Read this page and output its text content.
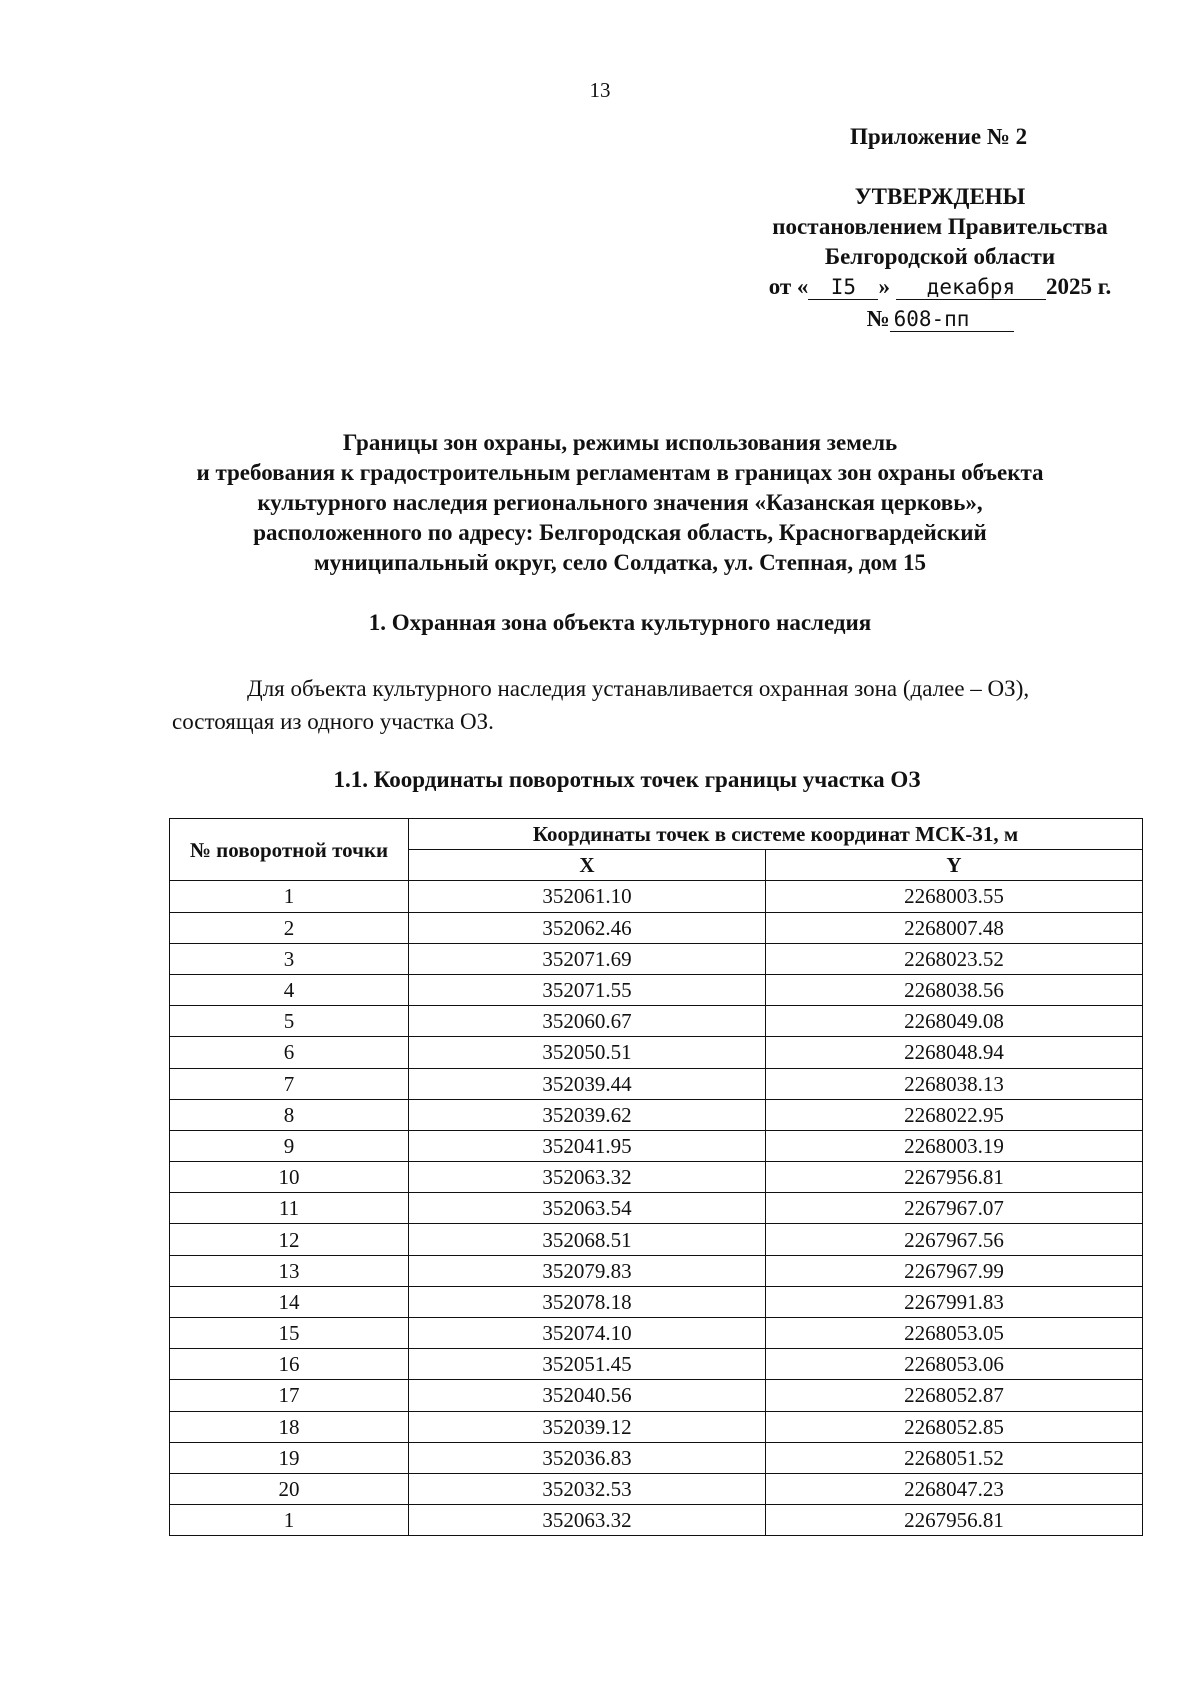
13
Приложение № 2
УТВЕРЖДЕНЫ
постановлением Правительства
Белгородской области
от « I5 » декабря 2025 г.
№ 608-пп
Границы зон охраны, режимы использования земель
и требования к градостроительным регламентам в границах зон охраны объекта
культурного наследия регионального значения «Казанская церковь»,
расположенного по адресу: Белгородская область, Красногвардейский
муниципальный округ, село Солдатка, ул. Степная, дом 15
1. Охранная зона объекта культурного наследия
Для объекта культурного наследия устанавливается охранная зона (далее – ОЗ),
состоящая из одного участка ОЗ.
1.1. Координаты поворотных точек границы участка ОЗ
№ поворотной точки	Координаты точек в системе координат МСК-31, м	
	X	Y
1	352061.10	2268003.55
2	352062.46	2268007.48
3	352071.69	2268023.52
4	352071.55	2268038.56
5	352060.67	2268049.08
6	352050.51	2268048.94
7	352039.44	2268038.13
8	352039.62	2268022.95
9	352041.95	2268003.19
10	352063.32	2267956.81
11	352063.54	2267967.07
12	352068.51	2267967.56
13	352079.83	2267967.99
14	352078.18	2267991.83
15	352074.10	2268053.05
16	352051.45	2268053.06
17	352040.56	2268052.87
18	352039.12	2268052.85
19	352036.83	2268051.52
20	352032.53	2268047.23
1	352063.32	2267956.81
